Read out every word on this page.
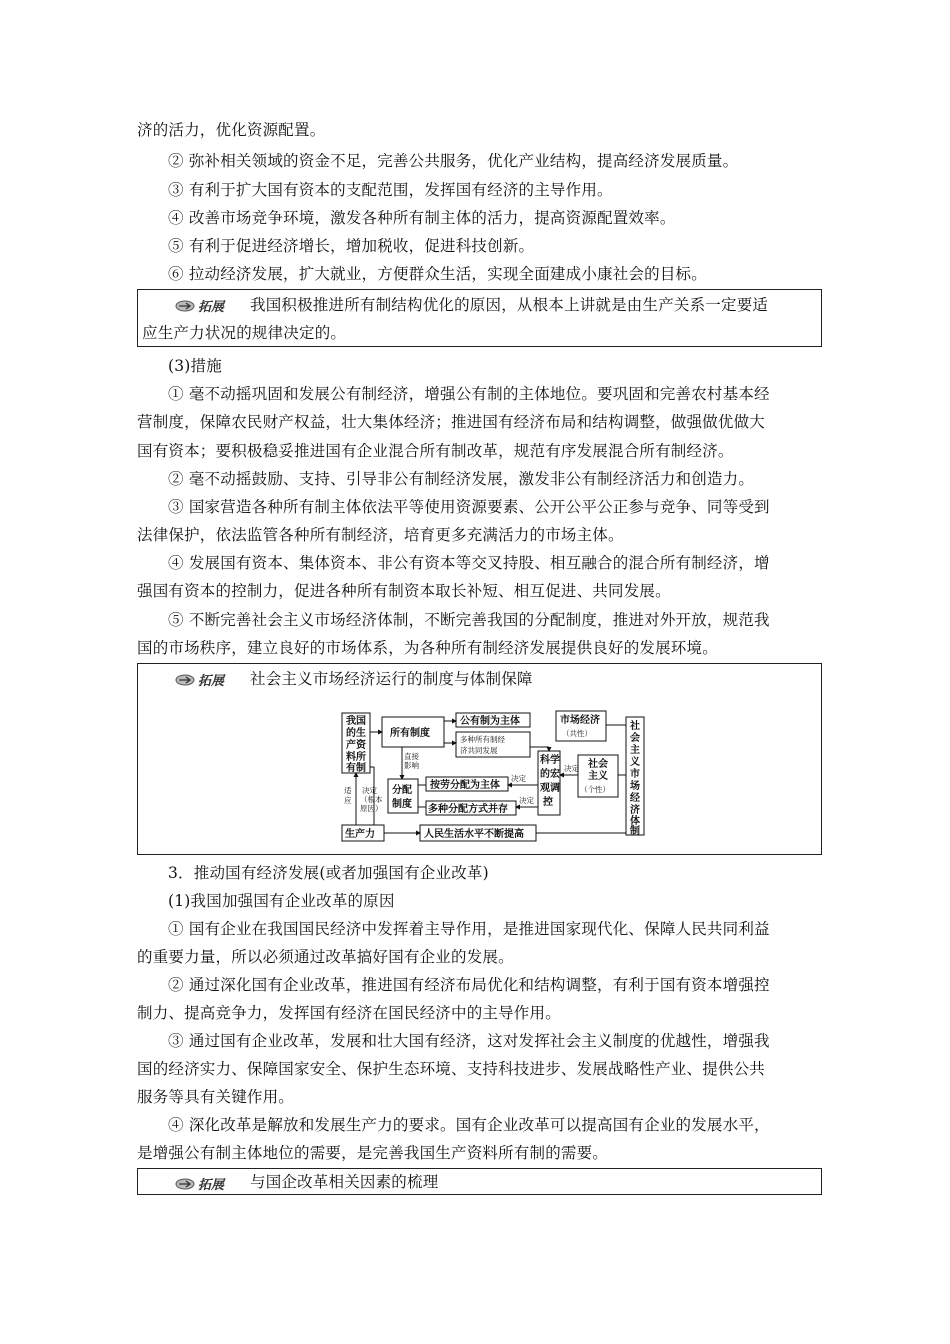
济的活力，优化资源配置。
② 弥补相关领域的资金不足，完善公共服务，优化产业结构，提高经济发展质量。
③ 有利于扩大国有资本的支配范围，发挥国有经济的主导作用。
④ 改善市场竞争环境，激发各种所有制主体的活力，提高资源配置效率。
⑤ 有利于促进经济增长，增加税收，促进科技创新。
⑥ 拉动经济发展，扩大就业，方便群众生活，实现全面建成小康社会的目标。
拓展 我国积极推进所有制结构优化的原因，从根本上讲就是由生产关系一定要适
应生产力状况的规律决定的。
(3)措施
① 毫不动摇巩固和发展公有制经济，增强公有制的主体地位。要巩固和完善农村基本经
营制度，保障农民财产权益，壮大集体经济；推进国有经济布局和结构调整，做强做优做大
国有资本；要积极稳妥推进国有企业混合所有制改革，规范有序发展混合所有制经济。
② 毫不动摇鼓励、支持、引导非公有制经济发展，激发非公有制经济活力和创造力。
③ 国家营造各种所有制主体依法平等使用资源要素、公开公平公正参与竞争、同等受到
法律保护，依法监管各种所有制经济，培育更多充满活力的市场主体。
④ 发展国有资本、集体资本、非公有资本等交叉持股、相互融合的混合所有制经济，增
强国有资本的控制力，促进各种所有制资本取长补短、相互促进、共同发展。
⑤ 不断完善社会主义市场经济体制，不断完善我国的分配制度，推进对外开放，规范我
国的市场秩序，建立良好的市场体系，为各种所有制经济发展提供良好的发展环境。
拓展 社会主义市场经济运行的制度与体制保障
我国
的生
产资
料所
有制
所有制度
公有制为主体
多种所有制经
济共同发展
市场经济
（共性）
科学
的宏
观调
控
社会
主义
（个性）
社
会
主
义
市
场
经
济
体
制
直接
影响
分配
制度
按劳分配为主体
多种分配方式并存
决定
决定
决定
决定
（根本
原因）
适
应
生产力	人民生活水平不断提高
3．推动国有经济发展(或者加强国有企业改革)
(1)我国加强国有企业改革的原因
① 国有企业在我国国民经济中发挥着主导作用，是推进国家现代化、保障人民共同利益
的重要力量，所以必须通过改革搞好国有企业的发展。
② 通过深化国有企业改革，推进国有经济布局优化和结构调整，有利于国有资本增强控
制力、提高竞争力，发挥国有经济在国民经济中的主导作用。
③ 通过国有企业改革，发展和壮大国有经济，这对发挥社会主义制度的优越性，增强我
国的经济实力、保障国家安全、保护生态环境、支持科技进步、发展战略性产业、提供公共
服务等具有关键作用。
④ 深化改革是解放和发展生产力的要求。国有企业改革可以提高国有企业的发展水平，
是增强公有制主体地位的需要，是完善我国生产资料所有制的需要。
拓展 与国企改革相关因素的梳理
